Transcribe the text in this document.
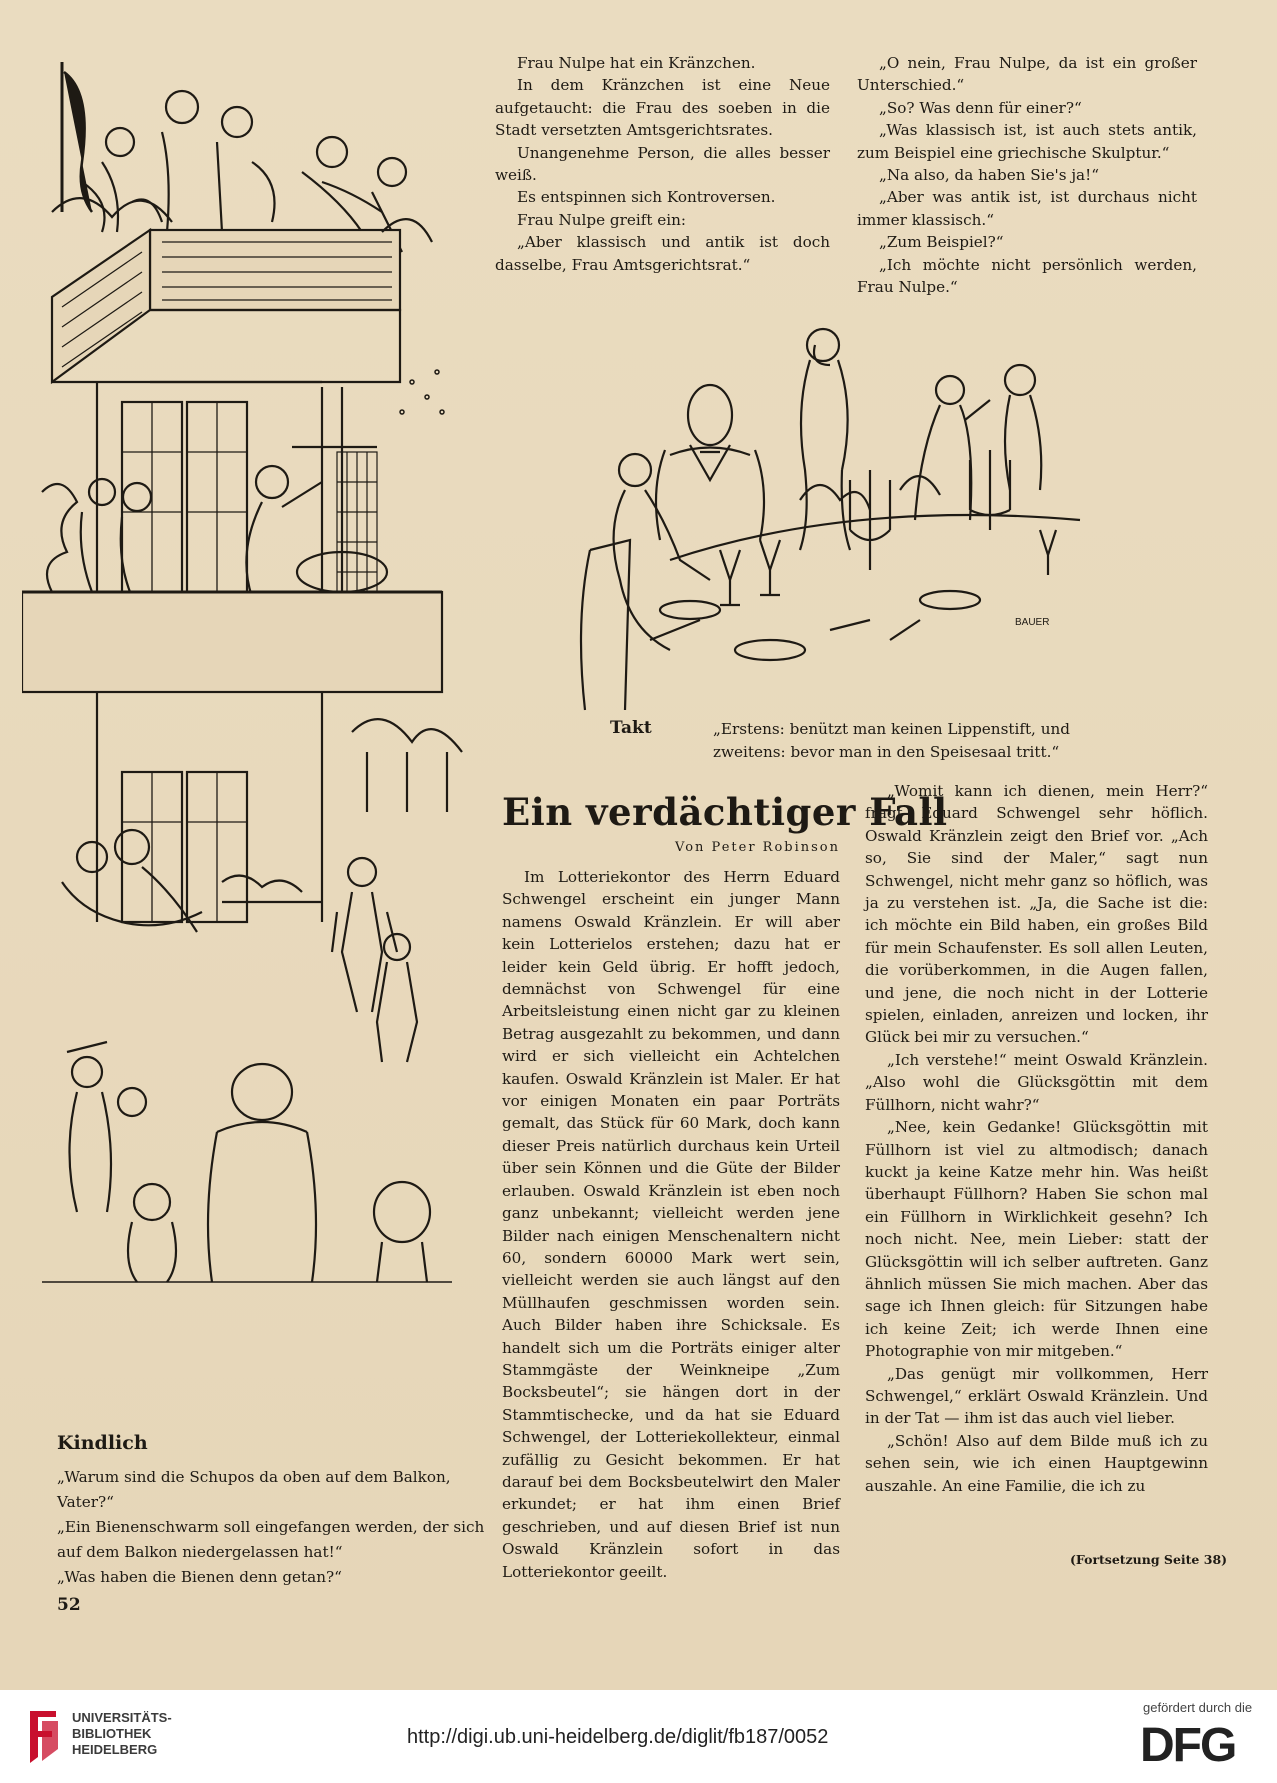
Frau Nulpe hat ein Kränzchen.

In dem Kränzchen ist eine Neue aufgetaucht: die Frau des soeben in die Stadt versetzten Amtsgerichtsrates.

Unangenehme Person, die alles besser weiß.

Es entspinnen sich Kontroversen.

Frau Nulpe greift ein:

„Aber klassisch und antik ist doch dasselbe, Frau Amtsgerichtsrat.“

„O nein, Frau Nulpe, da ist ein großer Unterschied.“

„So? Was denn für einer?“

„Was klassisch ist, ist auch stets antik, zum Beispiel eine griechische Skulptur.“

„Na also, da haben Sie's ja!“

„Aber was antik ist, ist durchaus nicht immer klassisch.“

„Zum Beispiel?“

„Ich möchte nicht persönlich werden, Frau Nulpe.“

BAUER
Takt	„Erstens: benützt man keinen Lippenstift, und
zweitens: bevor man in den Speisesaal tritt.“
Ein verdächtiger Fall
Von Peter Robinson

Im Lotteriekontor des Herrn Eduard Schwengel erscheint ein junger Mann namens Oswald Kränzlein. Er will aber kein Lotterielos erstehen; dazu hat er leider kein Geld übrig. Er hofft jedoch, demnächst von Schwengel für eine Arbeitsleistung einen nicht gar zu kleinen Betrag ausgezahlt zu bekommen, und dann wird er sich vielleicht ein Achtelchen kaufen. Oswald Kränzlein ist Maler. Er hat vor einigen Monaten ein paar Porträts gemalt, das Stück für 60 Mark, doch kann dieser Preis natürlich durchaus kein Urteil über sein Können und die Güte der Bilder erlauben. Oswald Kränzlein ist eben noch ganz unbekannt; vielleicht werden jene Bilder nach einigen Menschenaltern nicht 60, sondern 60000 Mark wert sein, vielleicht werden sie auch längst auf den Müllhaufen geschmissen worden sein. Auch Bilder haben ihre Schicksale. Es handelt sich um die Porträts einiger alter Stammgäste der Weinkneipe „Zum Bocksbeutel“; sie hängen dort in der Stammtischecke, und da hat sie Eduard Schwengel, der Lotteriekollekteur, einmal zufällig zu Gesicht bekommen. Er hat darauf bei dem Bocksbeutelwirt den Maler erkundet; er hat ihm einen Brief geschrieben, und auf diesen Brief ist nun Oswald Kränzlein sofort in das Lotteriekontor geeilt.

„Womit kann ich dienen, mein Herr?“ fragt Eduard Schwengel sehr höflich. Oswald Kränzlein zeigt den Brief vor. „Ach so, Sie sind der Maler,“ sagt nun Schwengel, nicht mehr ganz so höflich, was ja zu verstehen ist. „Ja, die Sache ist die: ich möchte ein Bild haben, ein großes Bild für mein Schaufenster. Es soll allen Leuten, die vorüberkommen, in die Augen fallen, und jene, die noch nicht in der Lotterie spielen, einladen, anreizen und locken, ihr Glück bei mir zu versuchen.“

„Ich verstehe!“ meint Oswald Kränzlein. „Also wohl die Glücksgöttin mit dem Füllhorn, nicht wahr?“

„Nee, kein Gedanke! Glücksgöttin mit Füllhorn ist viel zu altmodisch; danach kuckt ja keine Katze mehr hin. Was heißt überhaupt Füllhorn? Haben Sie schon mal ein Füllhorn in Wirklichkeit gesehn? Ich noch nicht. Nee, mein Lieber: statt der Glücksgöttin will ich selber auftreten. Ganz ähnlich müssen Sie mich machen. Aber das sage ich Ihnen gleich: für Sitzungen habe ich keine Zeit; ich werde Ihnen eine Photographie von mir mitgeben.“

„Das genügt mir vollkommen, Herr Schwengel,“ erklärt Oswald Kränzlein. Und in der Tat — ihm ist das auch viel lieber.

„Schön! Also auf dem Bilde muß ich zu sehen sein, wie ich einen Hauptgewinn auszahle. An eine Familie, die ich zu

(Fortsetzung Seite 38)
Kindlich

„Warum sind die Schupos da oben auf dem Balkon, Vater?“

„Ein Bienenschwarm soll eingefangen werden, der sich auf dem Balkon niedergelassen hat!“

„Was haben die Bienen denn getan?“

52
UNIVERSITÄTS-
BIBLIOTHEK
HEIDELBERG
http://digi.ub.uni-heidelberg.de/diglit/fb187/0052
gefördert durch die
DFG
